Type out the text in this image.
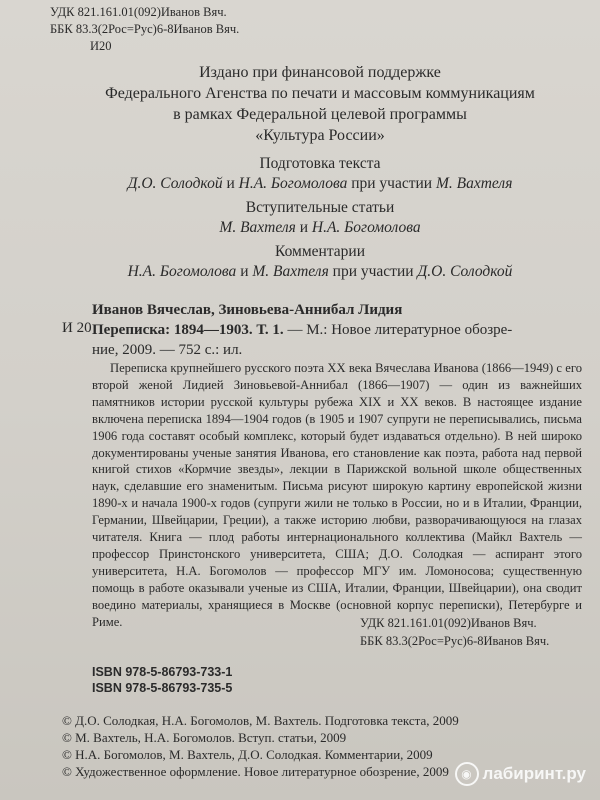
УДК 821.161.01(092)Иванов Вяч.
ББК 83.3(2Рос=Рус)6-8Иванов Вяч.
И20
Издано при финансовой поддержке
Федерального Агенства по печати и массовым коммуникациям
в рамках Федеральной целевой программы
«Культура России»
Подготовка текста
Д.О. Солодкой и Н.А. Богомолова при участии М. Вахтеля
Вступительные статьи
М. Вахтеля и Н.А. Богомолова
Комментарии
Н.А. Богомолова и М. Вахтеля при участии Д.О. Солодкой
Иванов Вячеслав, Зиновьева-Аннибал Лидия
Переписка: 1894—1903. Т. 1. — М.: Новое литературное обозре-
ние, 2009. — 752 с.: ил.
И 20

Переписка крупнейшего русского поэта XX века Вячеслава Иванова (1866—1949) с его второй женой Лидией Зиновьевой-Аннибал (1866—1907) — один из важнейших памятников истории русской культуры рубежа XIX и XX веков. В настоящее издание включена переписка 1894—1904 годов (в 1905 и 1907 супруги не переписывались, письма 1906 года составят особый комплекс, который будет издаваться отдельно). В ней широко документированы ученые занятия Иванова, его становление как поэта, работа над первой книгой стихов «Кормчие звезды», лекции в Парижской вольной школе общественных наук, сделавшие его знаменитым. Письма рисуют широкую картину европейской жизни 1890-х и начала 1900-х годов (супруги жили не только в России, но и в Италии, Франции, Германии, Швейцарии, Греции), а также историю любви, разворачивающуюся на глазах читателя. Книга — плод работы интернационального коллектива (Майкл Вахтель — профессор Принстонского университета, США; Д.О. Солодкая — аспирант этого университета, Н.А. Богомолов — профессор МГУ им. Ломоносова; существенную помощь в работе оказывали ученые из США, Италии, Франции, Швейцарии), она сводит воедино материалы, хранящиеся в Москве (основной корпус переписки), Петербурге и Риме.	УДК 821.161.01(092)Иванов Вяч.
ББК 83.3(2Рос=Рус)6-8Иванов Вяч.
ISBN 978-5-86793-733-1
ISBN 978-5-86793-735-5
© Д.О. Солодкая, Н.А. Богомолов, М. Вахтель. Подготовка текста, 2009
© М. Вахтель, Н.А. Богомолов. Вступ. статьи, 2009
© Н.А. Богомолов, М. Вахтель, Д.О. Солодкая. Комментарии, 2009
© Художественное оформление. Новое литературное обозрение, 2009	◉ лабиринт.ру
